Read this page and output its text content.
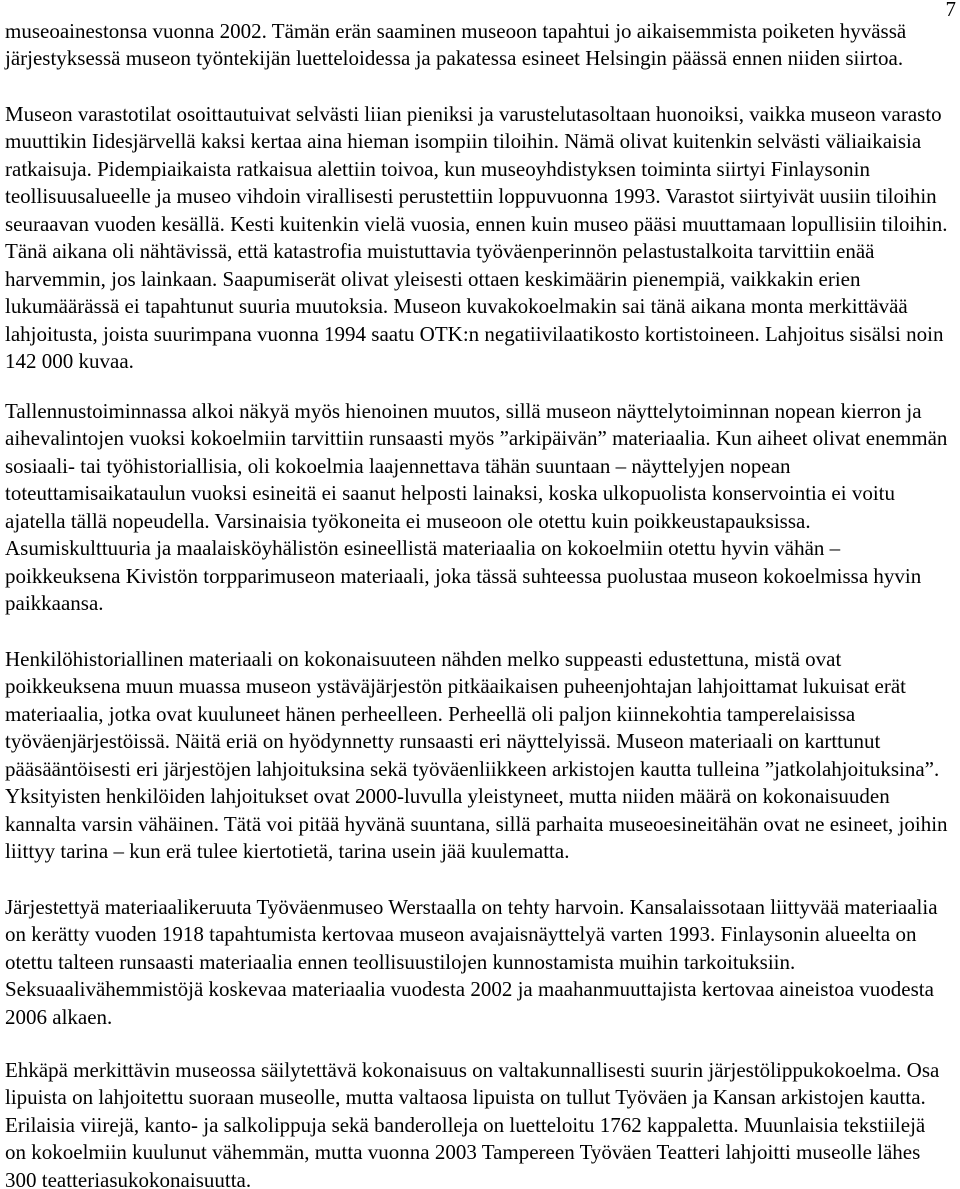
7
museoainestonsa vuonna 2002. Tämän erän saaminen museoon tapahtui jo aikaisemmista poiketen hyvässä
järjestyksessä museon työntekijän luetteloidessa ja pakatessa esineet Helsingin päässä ennen niiden siirtoa.
Museon varastotilat osoittautuivat selvästi liian pieniksi ja varustelutasoltaan huonoiksi, vaikka museon varasto
muuttikin Iidesjärvellä kaksi kertaa aina hieman isompiin tiloihin. Nämä olivat kuitenkin selvästi väliaikaisia
ratkaisuja. Pidempiaikaista ratkaisua alettiin toivoa, kun museoyhdistyksen toiminta siirtyi Finlaysonin
teollisuusalueelle ja museo vihdoin virallisesti perustettiin loppuvuonna 1993. Varastot siirtyivät uusiin tiloihin
seuraavan vuoden kesällä. Kesti kuitenkin vielä vuosia, ennen kuin museo pääsi muuttamaan lopullisiin tiloihin.
Tänä aikana oli nähtävissä, että katastrofia muistuttavia työväenperinnön pelastustalkoita tarvittiin enää
harvemmin, jos lainkaan. Saapumiserät olivat yleisesti ottaen keskimäärin pienempiä, vaikkakin erien
lukumäärässä ei tapahtunut suuria muutoksia. Museon kuvakokoelmakin sai tänä aikana monta merkittävää
lahjoitusta, joista suurimpana vuonna 1994 saatu OTK:n negatiivilaatikosto kortistoineen. Lahjoitus sisälsi noin
142 000 kuvaa.
Tallennustoiminnassa alkoi näkyä myös hienoinen muutos, sillä museon näyttelytoiminnan nopean kierron ja
aihevalintojen vuoksi kokoelmiin tarvittiin runsaasti myös ”arkipäivän” materiaalia. Kun aiheet olivat enemmän
sosiaali- tai työhistoriallisia, oli kokoelmia laajennettava tähän suuntaan – näyttelyjen nopean
toteuttamisaikataulun vuoksi esineitä ei saanut helposti lainaksi, koska ulkopuolista konservointia ei voitu
ajatella tällä nopeudella. Varsinaisia työkoneita ei museoon ole otettu kuin poikkeustapauksissa.
Asumiskulttuuria ja maalaisköyhälistön esineellistä materiaalia on kokoelmiin otettu hyvin vähän –
poikkeuksena Kivistön torpparimuseon materiaali, joka tässä suhteessa puolustaa museon kokoelmissa hyvin
paikkaansa.
Henkilöhistoriallinen materiaali on kokonaisuuteen nähden melko suppeasti edustettuna, mistä ovat
poikkeuksena muun muassa museon ystäväjärjestön pitkäaikaisen puheenjohtajan lahjoittamat lukuisat erät
materiaalia, jotka ovat kuuluneet hänen perheelleen. Perheellä oli paljon kiinnekohtia tamperelaisissa
työväenjärjestöissä. Näitä eriä on hyödynnetty runsaasti eri näyttelyissä. Museon materiaali on karttunut
pääsääntöisesti eri järjestöjen lahjoituksina sekä työväenliikkeen arkistojen kautta tulleina ”jatkolahjoituksina”.
Yksityisten henkilöiden lahjoitukset ovat 2000-luvulla yleistyneet, mutta niiden määrä on kokonaisuuden
kannalta varsin vähäinen. Tätä voi pitää hyvänä suuntana, sillä parhaita museoesineitähän ovat ne esineet, joihin
liittyy tarina – kun erä tulee kiertotietä, tarina usein jää kuulematta.
Järjestettyä materiaalikeruuta Työväenmuseo Werstaalla on tehty harvoin. Kansalaissotaan liittyvää materiaalia
on kerätty vuoden 1918 tapahtumista kertovaa museon avajaisnäyttelyä varten 1993. Finlaysonin alueelta on
otettu talteen runsaasti materiaalia ennen teollisuustilojen kunnostamista muihin tarkoituksiin.
Seksuaalivähemmistöjä koskevaa materiaalia vuodesta 2002 ja maahanmuuttajista kertovaa aineistoa vuodesta
2006 alkaen.
Ehkäpä merkittävin museossa säilytettävä kokonaisuus on valtakunnallisesti suurin järjestölippukokoelma. Osa
lipuista on lahjoitettu suoraan museolle, mutta valtaosa lipuista on tullut Työväen ja Kansan arkistojen kautta.
Erilaisia viirejä, kanto- ja salkolippuja sekä banderolleja on luetteloitu 1762 kappaletta. Muunlaisia tekstiilejä
on kokoelmiin kuulunut vähemmän, mutta vuonna 2003 Tampereen Työväen Teatteri lahjoitti museolle lähes
300 teatteriasukokonaisuutta.
